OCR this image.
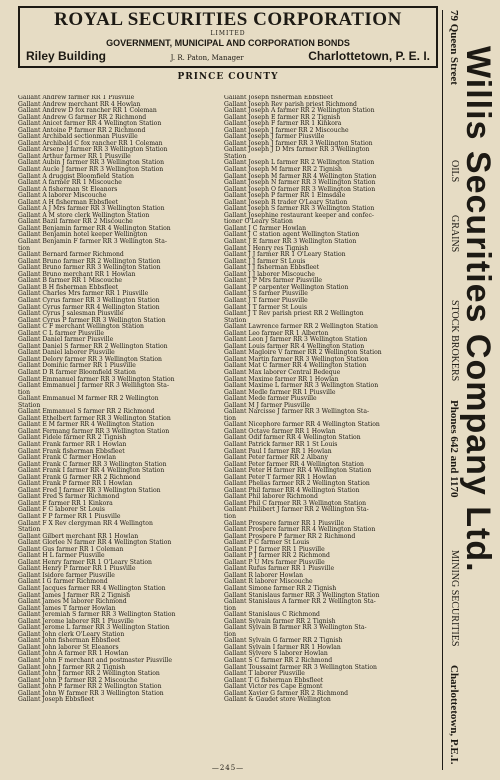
ROYAL SECURITIES CORPORATION
LIMITED
GOVERNMENT, MUNICIPAL AND CORPORATION BONDS
Riley Building	J. R. Paton, Manager	Charlottetown, P. E. I.
PRINCE COUNTY
Gallant Andrew farmer RR 1 Piusville
Gallant Andrew merchant RR 4 Howlan
Gallant Andrew D fox rancher RR 1 Coleman
Gallant Andrew G farmer RR 2 Richmond
Gallant Anicet farmer RR 4 Wellington Station
Gallant Antoine P farmer RR 2 Richmond
Gallant Archibald sectionman Piusville
Gallant Archibald C fox rancher RR 1 Coleman
Gallant Arsene J farmer RR 3 Wellington Station
Gallant Arthur farmer RR 1 Piusville
Gallant Aubin J farmer RR 3 Wellington Station
Gallant Aucle J farmer RR 3 Wellington Station
Gallant A druggist Bloomfield Station
Gallant A farmer RR 1 Miscouche
Gallant A fisherman St Eleanors
Gallant A laborer Miscouche
Gallant A H fisherman Ebbsfleet
Gallant A J Mrs farmer RR 3 Wellington Station
Gallant A M store clerk Wellington Station
Gallant Bazil farmer RR 2 Miscouche
Gallant Benjamin farmer RR 4 Wellington Station
Gallant Benjamin hotel keeper Wellington
Gallant Benjamin F farmer RR 3 Wellington Sta-
tion
Gallant Bernard farmer Richmond
Gallant Bruno farmer RR 2 Wellington Station
Gallant Bruno farmer RR 3 Wellington Station
Gallant Bruno merchant RR 1 Howlan
Gallant B farmer RR 1 Miscouche
Gallant B H fisherman Ebbsfleet
Gallant Charles Mrs farmer RR 1 Piusville
Gallant Cyrus farmer RR 3 Wellington Station
Gallant Cyrus farmer RR 4 Wellington Station
Gallant Cyrus J salesman Piusville
Gallant Cyrus P farmer RR 3 Wellington Station
Gallant C F merchant Wellington Station
Gallant C L farmer Piusville
Gallant Daniel farmer Piusville
Gallant Daniel S farmer RR 2 Wellington Station
Gallant Daniel laborer Piusville
Gallant Delory farmer RR 3 Wellington Station
Gallant Dominic farmer RR 1 Piusville
Gallant D R farmer Bloomfield Station
Gallant Emmanuel farmer RR 3 Wellington Station
Gallant Emmanuel J farmer RR 3 Wellington Sta-
tion
Gallant Emmanuel M farmer RR 2 Wellington
Station
Gallant Emmanuel S farmer RR 2 Richmond
Gallant Ethelbert farmer RR 3 Wellington Station
Gallant E M farmer RR 4 Wellington Station
Gallant Fermang farmer RR 3 Wellington Station
Gallant Fidele farmer RR 2 Tignish
Gallant Frank farmer RR 1 Howlan
Gallant Frank fisherman Ebbsfleet
Gallant Frank C farmer Howlan
Gallant Frank C farmer RR 3 Wellington Station
Gallant Frank I farmer RR 4 Wellington Station
Gallant Frank G farmer RR 2 Richmond
Gallant Frank P farmer RR 1 Howlan
Gallant Fred J farmer RR 3 Wellington Station
Gallant Fred S farmer Richmond
Gallant F farmer RR 1 Kinkora
Gallant F C laborer St Louis
Gallant F P farmer RR 1 Piusville
Gallant F X Rev clergyman RR 4 Wellington
Station
Gallant Gilbert merchant RR 1 Howlan
Gallant Glorlee N farmer RR 4 Wellington Station
Gallant Gus farmer RR 1 Coleman
Gallant H L farmer Piusville
Gallant Henry farmer RR 1 O'Leary Station
Gallant Henry P farmer RR 1 Piusville
Gallant Isidore farmer Piusville
Gallant I G farmer Richmond
Gallant Jacques farmer RR 4 Wellington Station
Gallant James J farmer RR 2 Tignish
Gallant James M laborer Richmond
Gallant James T farmer Howlan
Gallant Jeremiah S farmer RR 3 Wellington Station
Gallant Jerome laborer RR 1 Piusville
Gallant Jerome L farmer RR 3 Wellington Station
Gallant John clerk O'Leary Station
Gallant John fisherman Ebbsfleet
Gallant John laborer St Eleanors
Gallant John A farmer RR 1 Howlan
Gallant John F merchant and postmaster Piusville
Gallant John J farmer RR 2 Tignish
Gallant John J farmer RR 2 Wellington Station
Gallant John P farmer RR 2 Miscouche
Gallant John P farmer RR 2 Wellington Station
Gallant John W farmer RR 3 Wellington Station
Gallant Joseph Ebbsfleet
Gallant Joseph fisherman Ebbsfleet
Gallant Joseph Rev parish priest Richmond
Gallant Joseph A farmer RR 2 Wellington Station
Gallant Joseph E farmer RR 2 Tignish
Gallant Joseph F farmer RR 1 Kinkora
Gallant Joseph J farmer RR 2 Miscouche
Gallant Joseph J farmer Piusville
Gallant Joseph J farmer RR 3 Wellington Station
Gallant Joseph J D Mrs farmer RR 3 Wellington
Station
Gallant Joseph L farmer RR 2 Wellington Station
Gallant Joseph M farmer RR 2 Tignish
Gallant Joseph M farmer RR 4 Wellington Station
Gallant Joseph N farmer RR 3 Wellington Station
Gallant Joseph O farmer RR 3 Wellington Station
Gallant Joseph P farmer RR 1 Elmsdale
Gallant Joseph R trader O'Leary Station
Gallant Joseph S farmer RR 3 Wellington Station
Gallant Josephine restaurant keeper and confec-
tioner O'Leary Station
Gallant J C farmer Howlan
Gallant J C station agent Wellington Station
Gallant J E farmer RR 3 Wellington Station
Gallant J Henry res Tignish
Gallant J J farmer RR 1 O'Leary Station
Gallant J J farmer St Louis
Gallant J J fisherman Ebbsfleet
Gallant J J laborer Miscouche
Gallant J P Mrs farmer Piusville
Gallant J P carpenter Wellington Station
Gallant J S farmer Piusville
Gallant J T farmer Piusville
Gallant J T farmer St Louis
Gallant J T Rev parish priest RR 2 Wellington
Station
Gallant Lawrence farmer RR 2 Wellington Station
Gallant Leo farmer RR 1 Alberton
Gallant Leon J farmer RR 3 Wellington Station
Gallant Louis farmer RR 4 Wellington Station
Gallant Magloire V farmer RR 2 Wellington Station
Gallant Martin farmer RR 3 Wellington Station
Gallant Mat C farmer RR 4 Wellington Station
Gallant Max laborer Central Bedeque
Gallant Maxime farmer RR 1 Howlan
Gallant Maxime L farmer RR 3 Wellington Station
Gallant Medle farmer RR 1 Piusville
Gallant Mede farmer Piusville
Gallant M J farmer Piusville
Gallant Narcisse J farmer RR 3 Wellington Sta-
tion
Gallant Nicephore farmer RR 4 Wellington Station
Gallant Octave farmer RR 1 Howlan
Gallant Odif farmer RR 4 Wellington Station
Gallant Patrick farmer RR 1 St Louis
Gallant Paul I farmer RR 1 Howlan
Gallant Peter farmer RR 2 Albany
Gallant Peter farmer RR 4 Wellington Station
Gallant Peter H farmer RR 4 Wellington Station
Gallant Peter T farmer RR 1 Howlan
Gallant Phelias farmer RR 2 Wellington Station
Gallant Phil farmer RR 4 Wellington Station
Gallant Phil laborer Richmond
Gallant Phil C farmer RR 3 Wellington Station
Gallant Philibert J farmer RR 2 Wellington Sta-
tion
Gallant Prospere farmer RR 1 Piusville
Gallant Prospere farmer RR 4 Wellington Station
Gallant Prospere P farmer RR 2 Richmond
Gallant P C farmer St Louis
Gallant P J farmer RR 1 Piusville
Gallant P J farmer RR 2 Richmond
Gallant P U Mrs farmer Piusville
Gallant Rufus farmer RR 1 Piusville
Gallant R laborer Howlan
Gallant R laborer Miscouche
Gallant Simone farmer RR 2 Tignish
Gallant Stanislaus farmer RR 3 Wellington Station
Gallant Stanislaus A farmer RR 2 Wellington Sta-
tion
Gallant Stanislaus C Richmond
Gallant Sylvain farmer RR 2 Tignish
Gallant Sylvain B farmer RR 3 Wellington Sta-
tion
Gallant Sylvain G farmer RR 2 Tignish
Gallant Sylvain I farmer RR 1 Howlan
Gallant Sylvere S laborer Howlan
Gallant S C farmer RR 2 Richmond
Gallant Toussaint farmer RR 3 Wellington Station
Gallant T laborer Piusville
Gallant T G fisherman Ebbsfleet
Gallant Victor res Cape Egmont
Gallant Xavier G farmer RR 2 Richmond
Gallant & Gaudet store Wellington
—245—
Willis Securities Company Ltd.
79 Queen Street
OILS
GRAINS
STOCK BROKERS
Phones 642 and 1170
MINING SECURITIES
Charlottetown, P.E.I.
